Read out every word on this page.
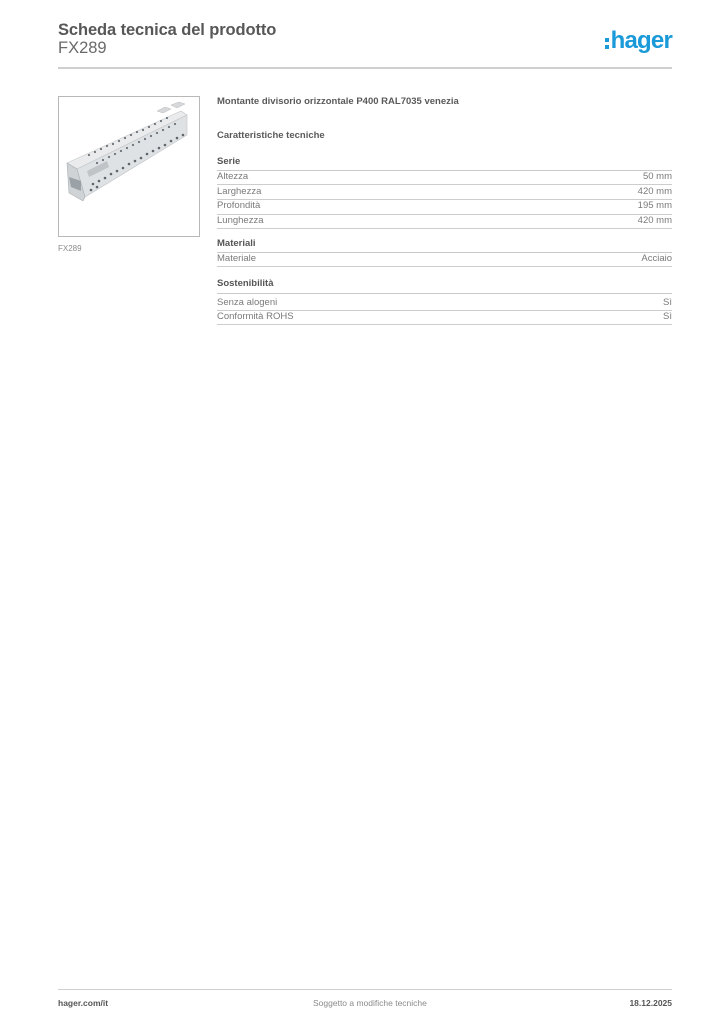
Scheda tecnica del prodotto
FX289	hager
FX289
Montante divisorio orizzontale P400 RAL7035 venezia
Caratteristiche tecniche
Serie
Altezza	50 mm
Larghezza	420 mm
Profondità	195 mm
Lunghezza	420 mm
Materiali
Materiale	Acciaio
Sostenibilità
Senza alogeni	Sì
Conformità ROHS	Sì
hager.com/it	Soggetto a modifiche tecniche	18.12.2025
